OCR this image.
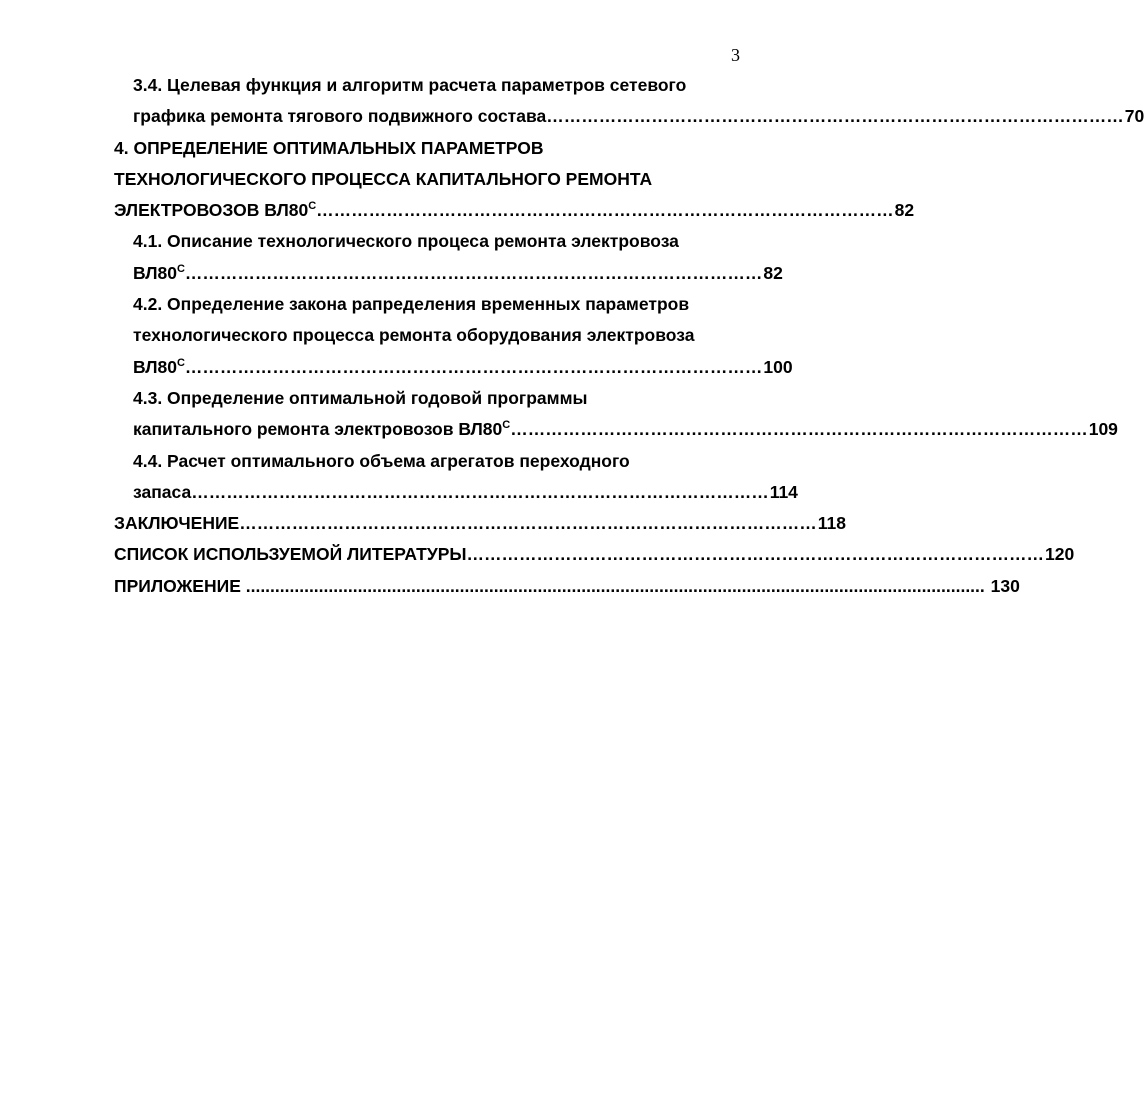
3
3.4. Целевая функция и алгоритм расчета параметров сетевого
графика ремонта тягового подвижного состава ……………………………………………………………………………………… 70
4. ОПРЕДЕЛЕНИЕ ОПТИМАЛЬНЫХ ПАРАМЕТРОВ
ТЕХНОЛОГИЧЕСКОГО ПРОЦЕССА КАПИТАЛЬНОГО РЕМОНТА
ЭЛЕКТРОВОЗОВ $ВЛ80^С$ ……………………………………………………………………………………… 82
4.1. Описание технологического процеса ремонта электровоза
$ВЛ80^С$ ……………………………………………………………………………………… 82
4.2. Определение закона рапределения временных параметров
технологического процесса ремонта оборудования электровоза
$ВЛ80^С$ ……………………………………………………………………………………… 100
4.3. Определение оптимальной годовой программы
капитального ремонта электровозов $ВЛ80^С$ ……………………………………………………………………………………… 109
4.4. Расчет оптимального объема агрегатов переходного
запаса ……………………………………………………………………………………… 114
ЗАКЛЮЧЕНИЕ ……………………………………………………………………………………… 118
СПИСОК ИСПОЛЬЗУЕМОЙ ЛИТЕРАТУРЫ ……………………………………………………………………………………… 120
ПРИЛОЖЕНИЕ ........................................................................................................................................................ 130
